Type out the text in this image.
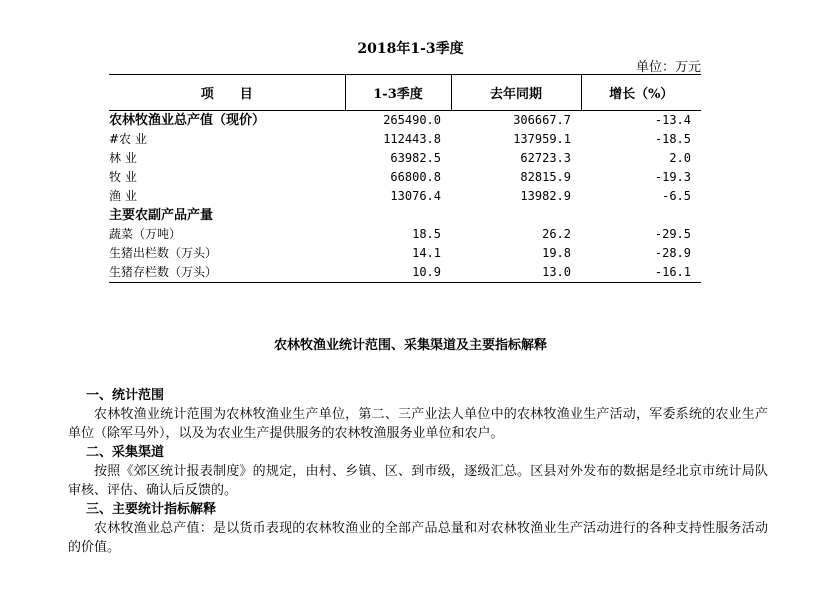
2018年1-3季度
单位：万元
项　　目	1-3季度	去年同期	增长（%）
农林牧渔业总产值（现价）	265490.0	306667.7	-13.4
#农 业	112443.8	137959.1	-18.5
林 业	63982.5	62723.3	2.0
牧 业	66800.8	82815.9	-19.3
渔 业	13076.4	13982.9	-6.5
主要农副产品产量			
蔬菜（万吨）	18.5	26.2	-29.5
生猪出栏数（万头）	14.1	19.8	-28.9
生猪存栏数（万头）	10.9	13.0	-16.1
农林牧渔业统计范围、采集渠道及主要指标解释
一、统计范围
农林牧渔业统计范围为农林牧渔业生产单位，第二、三产业法人单位中的农林牧渔业生产活动，军委系统的农业生产单位（除军马外），以及为农业生产提供服务的农林牧渔服务业单位和农户。
二、采集渠道
按照《郊区统计报表制度》的规定，由村、乡镇、区、到市级，逐级汇总。区县对外发布的数据是经北京市统计局队审核、评估、确认后反馈的。
三、主要统计指标解释
农林牧渔业总产值：是以货币表现的农林牧渔业的全部产品总量和对农林牧渔业生产活动进行的各种支持性服务活动的价值。
